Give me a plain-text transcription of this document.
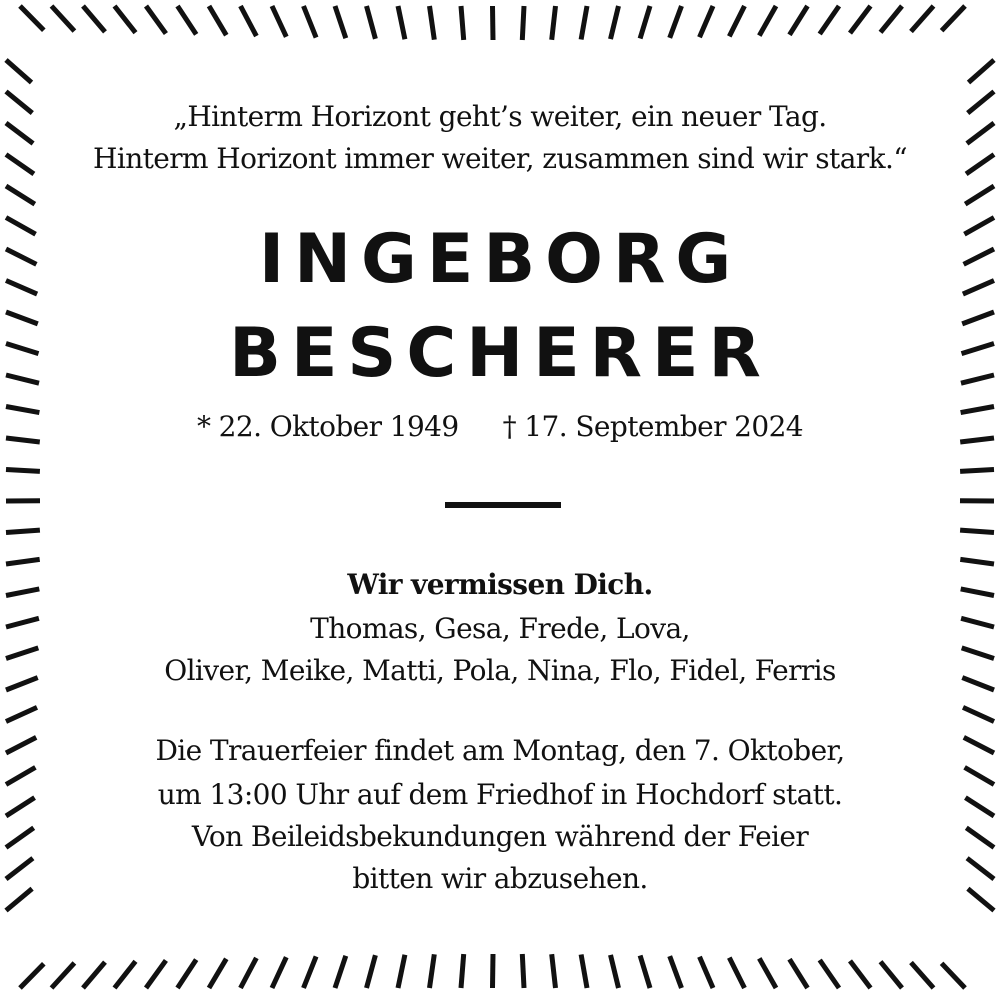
„Hinterm Horizont geht’s weiter, ein neuer Tag.
Hinterm Horizont immer weiter, zusammen sind wir stark.“
INGEBORG
BESCHERER
* 22. Oktober 1949 † 17. September 2024
Wir vermissen Dich.
Thomas, Gesa, Frede, Lova,
Oliver, Meike, Matti, Pola, Nina, Flo, Fidel, Ferris
Die Trauerfeier findet am Montag, den 7. Oktober,
um 13:00 Uhr auf dem Friedhof in Hochdorf statt.
Von Beileidsbekundungen während der Feier
bitten wir abzusehen.
